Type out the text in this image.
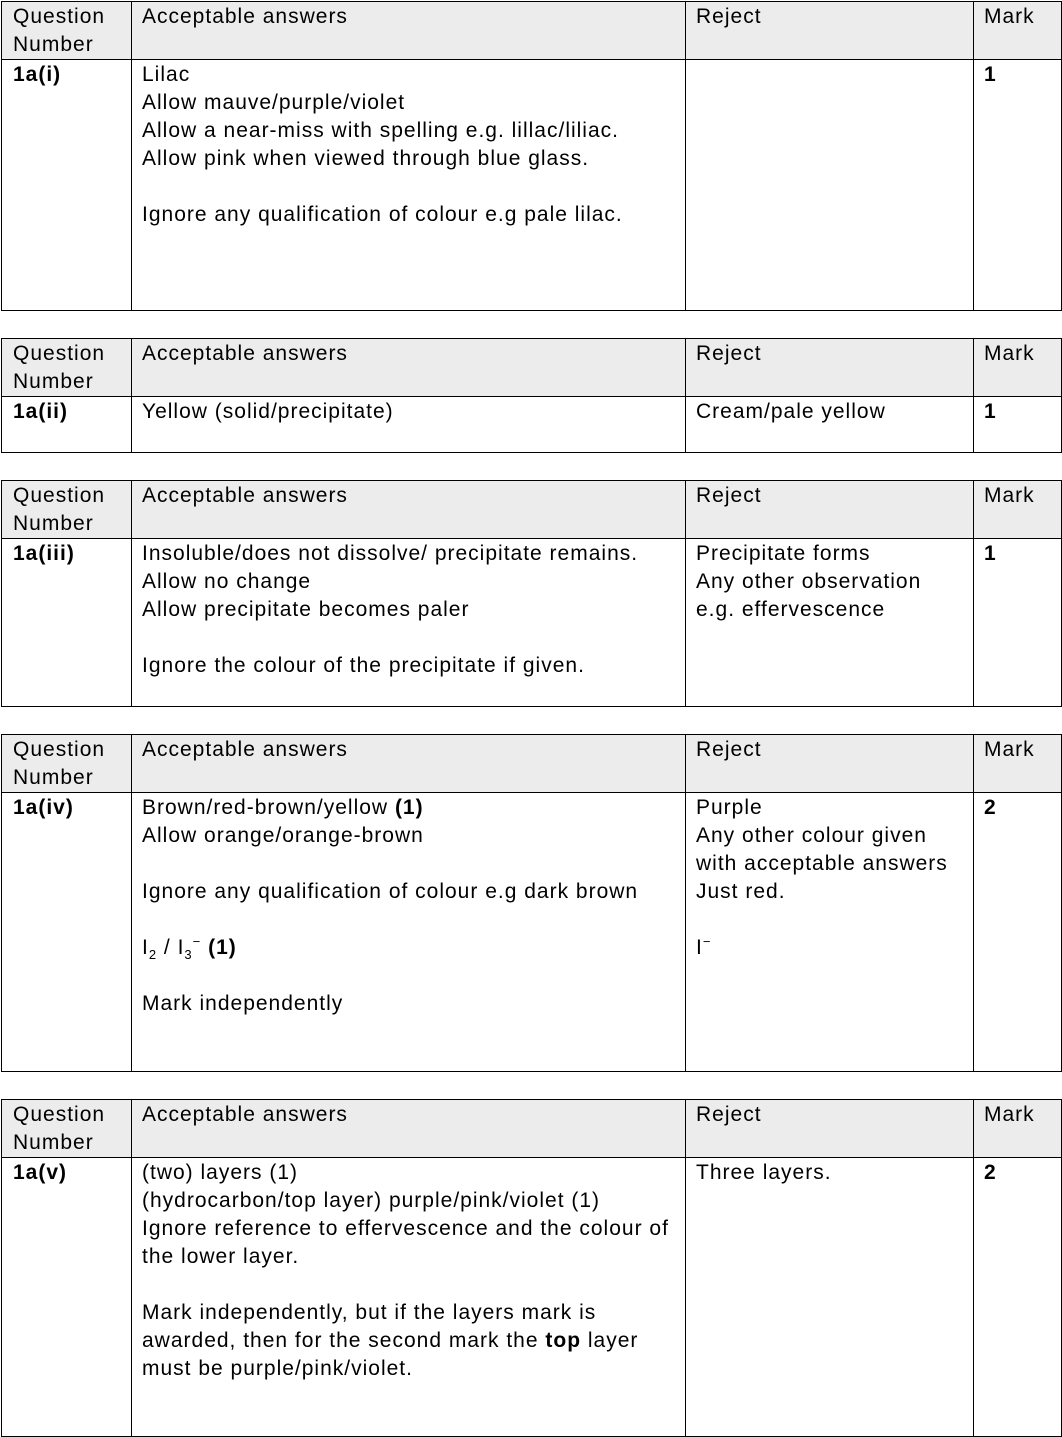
Question Number	Acceptable answers	Reject	Mark
1a(i)	Lilac
Allow mauve/purple/violet
Allow a near-miss with spelling e.g. lillac/liliac.
Allow pink when viewed through blue glass.
Ignore any qualification of colour e.g pale lilac.		1
Question Number	Acceptable answers	Reject	Mark
1a(ii)	Yellow (solid/precipitate)	Cream/pale yellow	1
Question Number	Acceptable answers	Reject	Mark
1a(iii)	Insoluble/does not dissolve/ precipitate remains.
Allow no change
Allow precipitate becomes paler
Ignore the colour of the precipitate if given.	Precipitate forms
Any other observation e.g. effervescence	1
Question Number	Acceptable answers	Reject	Mark
1a(iv)	Brown/red-brown/yellow (1)
Allow orange/orange-brown
Ignore any qualification of colour e.g dark brown
$I_2 / I_3^-$ (1)
Mark independently	Purple
Any other colour given with acceptable answers
Just red.
I−	2
Question Number	Acceptable answers	Reject	Mark
1a(v)	(two) layers (1)
(hydrocarbon/top layer) purple/pink/violet (1)
Ignore reference to effervescence and the colour of the lower layer.
Mark independently, but if the layers mark is awarded, then for the second mark the top layer must be purple/pink/violet.	Three layers.	2
